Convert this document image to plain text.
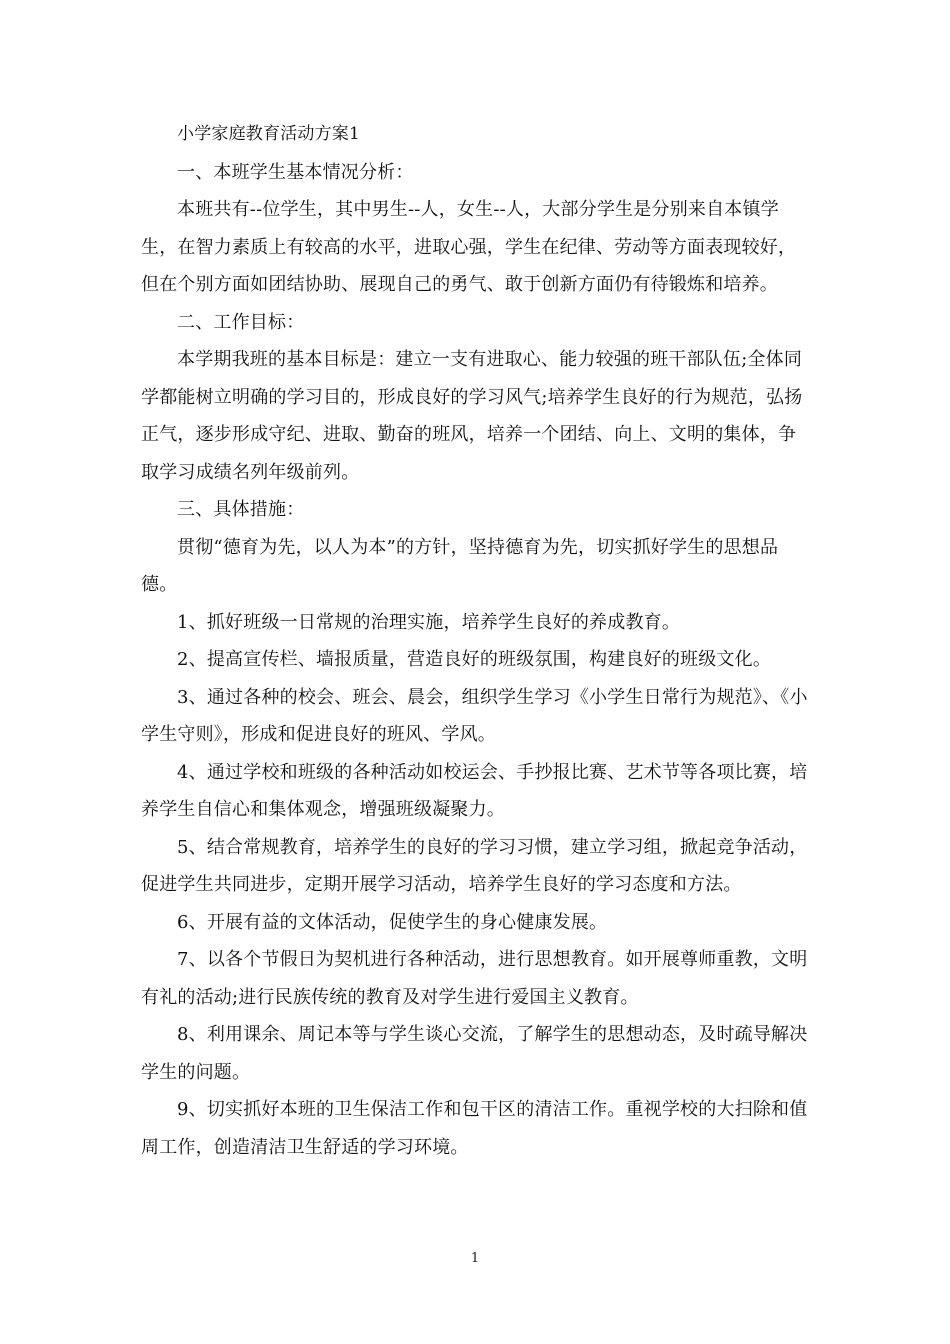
小学家庭教育活动方案1

一、本班学生基本情况分析：

本班共有--位学生，其中男生--人，女生--人，大部分学生是分别来自本镇学生，在智力素质上有较高的水平，进取心强，学生在纪律、劳动等方面表现较好，但在个别方面如团结协助、展现自己的勇气、敢于创新方面仍有待锻炼和培养。

二、工作目标：

本学期我班的基本目标是：建立一支有进取心、能力较强的班干部队伍;全体同学都能树立明确的学习目的，形成良好的学习风气;培养学生良好的行为规范，弘扬正气，逐步形成守纪、进取、勤奋的班风，培养一个团结、向上、文明的集体，争取学习成绩名列年级前列。

三、具体措施：

贯彻“德育为先，以人为本”的方针，坚持德育为先，切实抓好学生的思想品德。

1、抓好班级一日常规的治理实施，培养学生良好的养成教育。

2、提高宣传栏、墙报质量，营造良好的班级氛围，构建良好的班级文化。

3、通过各种的校会、班会、晨会，组织学生学习《小学生日常行为规范》、《小学生守则》，形成和促进良好的班风、学风。

4、通过学校和班级的各种活动如校运会、手抄报比赛、艺术节等各项比赛，培养学生自信心和集体观念，增强班级凝聚力。

5、结合常规教育，培养学生的良好的学习习惯，建立学习组，掀起竞争活动，促进学生共同进步，定期开展学习活动，培养学生良好的学习态度和方法。

6、开展有益的文体活动，促使学生的身心健康发展。

7、以各个节假日为契机进行各种活动，进行思想教育。如开展尊师重教，文明有礼的活动;进行民族传统的教育及对学生进行爱国主义教育。

8、利用课余、周记本等与学生谈心交流，了解学生的思想动态，及时疏导解决学生的问题。

9、切实抓好本班的卫生保洁工作和包干区的清洁工作。重视学校的大扫除和值周工作，创造清洁卫生舒适的学习环境。

1
